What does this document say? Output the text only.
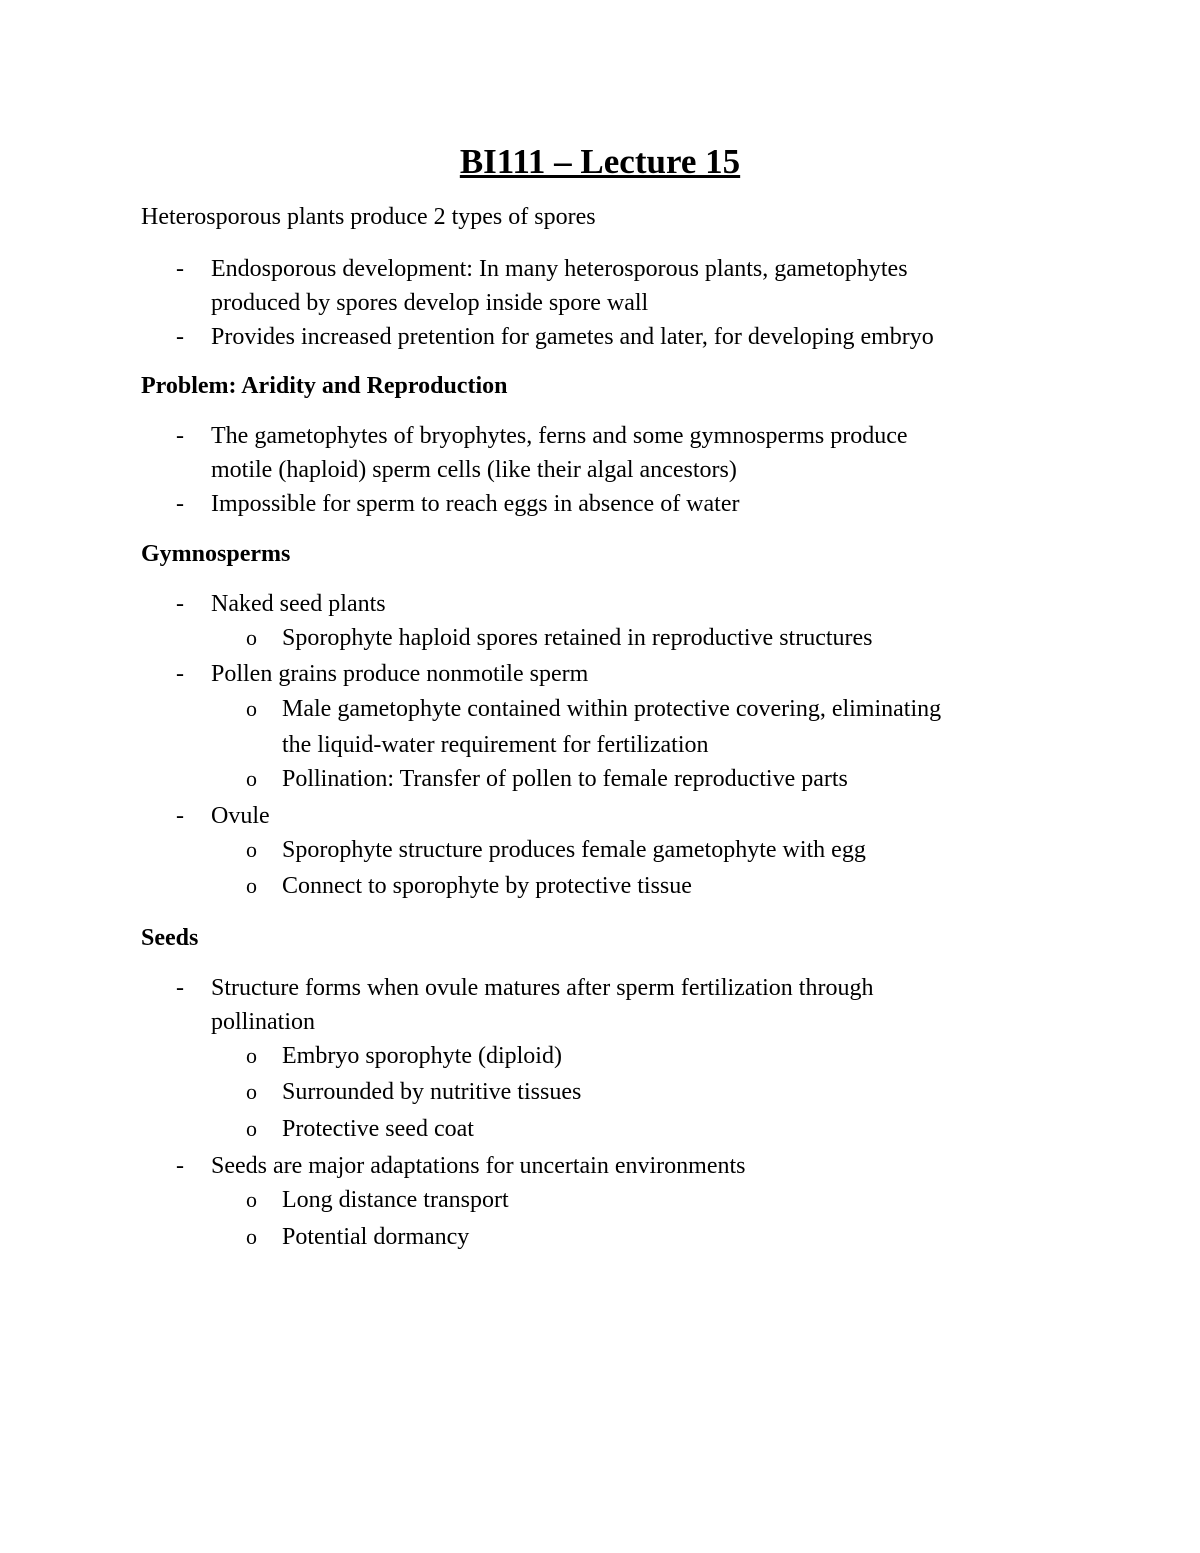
BI111 – Lecture 15
Heterosporous plants produce 2 types of spores
- Endosporous development: In many heterosporous plants, gametophytes
produced by spores develop inside spore wall
- Provides increased pretention for gametes and later, for developing embryo
Problem: Aridity and Reproduction
- The gametophytes of bryophytes, ferns and some gymnosperms produce
motile (haploid) sperm cells (like their algal ancestors)
- Impossible for sperm to reach eggs in absence of water
Gymnosperms
- Naked seed plants
o Sporophyte haploid spores retained in reproductive structures
- Pollen grains produce nonmotile sperm
o Male gametophyte contained within protective covering, eliminating
the liquid-water requirement for fertilization
o Pollination: Transfer of pollen to female reproductive parts
- Ovule
o Sporophyte structure produces female gametophyte with egg
o Connect to sporophyte by protective tissue
Seeds
- Structure forms when ovule matures after sperm fertilization through
pollination
o Embryo sporophyte (diploid)
o Surrounded by nutritive tissues
o Protective seed coat
- Seeds are major adaptations for uncertain environments
o Long distance transport
o Potential dormancy
